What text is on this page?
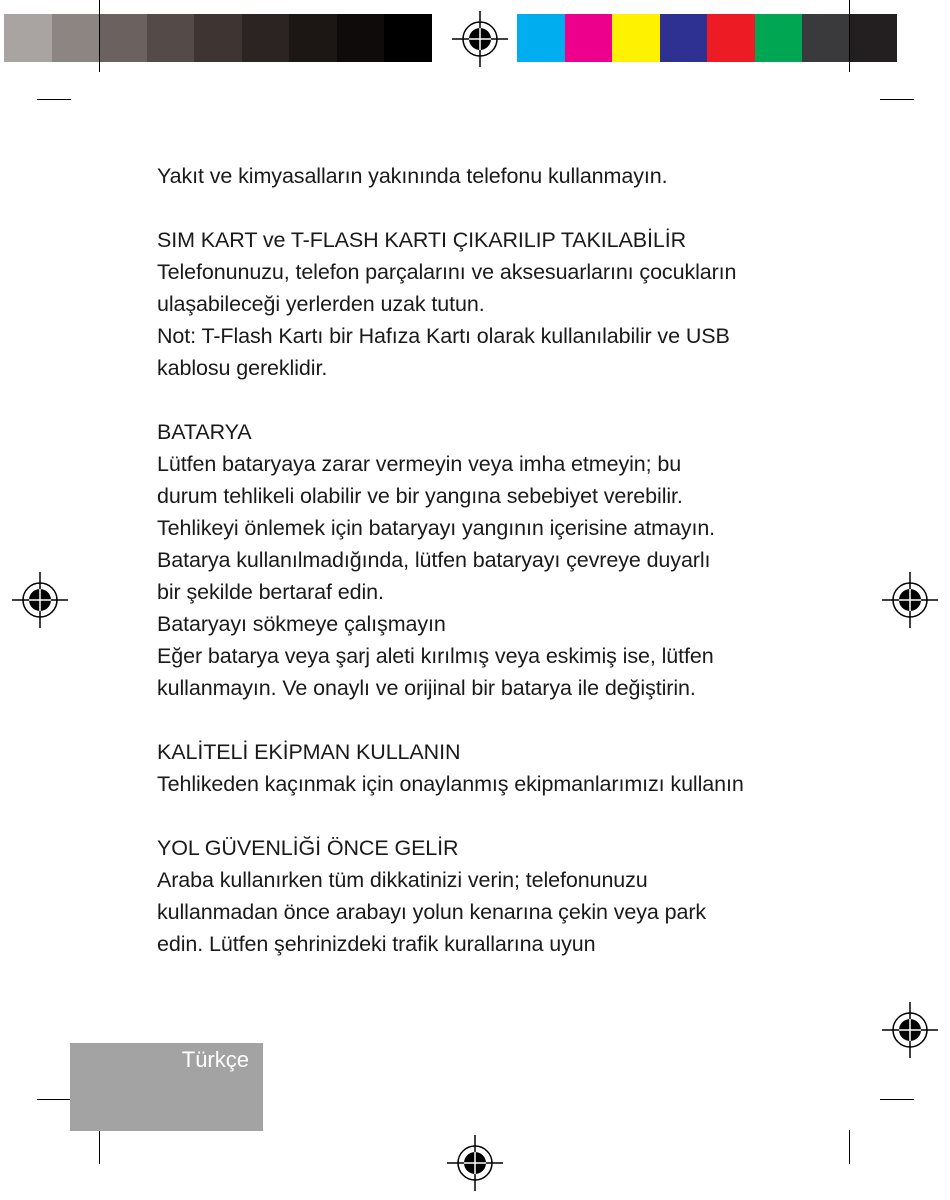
Yakıt ve kimyasalların yakınında telefonu kullanmayın.
SIM KART ve T-FLASH KARTI ÇIKARILIP TAKILABİLİR
Telefonunuzu, telefon parçalarını ve aksesuarlarını çocukların
ulaşabileceği yerlerden uzak tutun.
Not: T-Flash Kartı bir Hafıza Kartı olarak kullanılabilir ve USB
kablosu gereklidir.
BATARYA
Lütfen bataryaya zarar vermeyin veya imha etmeyin; bu
durum tehlikeli olabilir ve bir yangına sebebiyet verebilir.
Tehlikeyi önlemek için bataryayı yangının içerisine atmayın.
Batarya kullanılmadığında, lütfen bataryayı çevreye duyarlı
bir şekilde bertaraf edin.
Bataryayı sökmeye çalışmayın
Eğer batarya veya şarj aleti kırılmış veya eskimiş ise, lütfen
kullanmayın. Ve onaylı ve orijinal bir batarya ile değiştirin.
KALİTELİ EKİPMAN KULLANIN
Tehlikeden kaçınmak için onaylanmış ekipmanlarımızı kullanın
YOL GÜVENLİĞİ ÖNCE GELİR
Araba kullanırken tüm dikkatinizi verin; telefonunuzu
kullanmadan önce arabayı yolun kenarına çekin veya park
edin. Lütfen şehrinizdeki trafik kurallarına uyun
Türkçe
